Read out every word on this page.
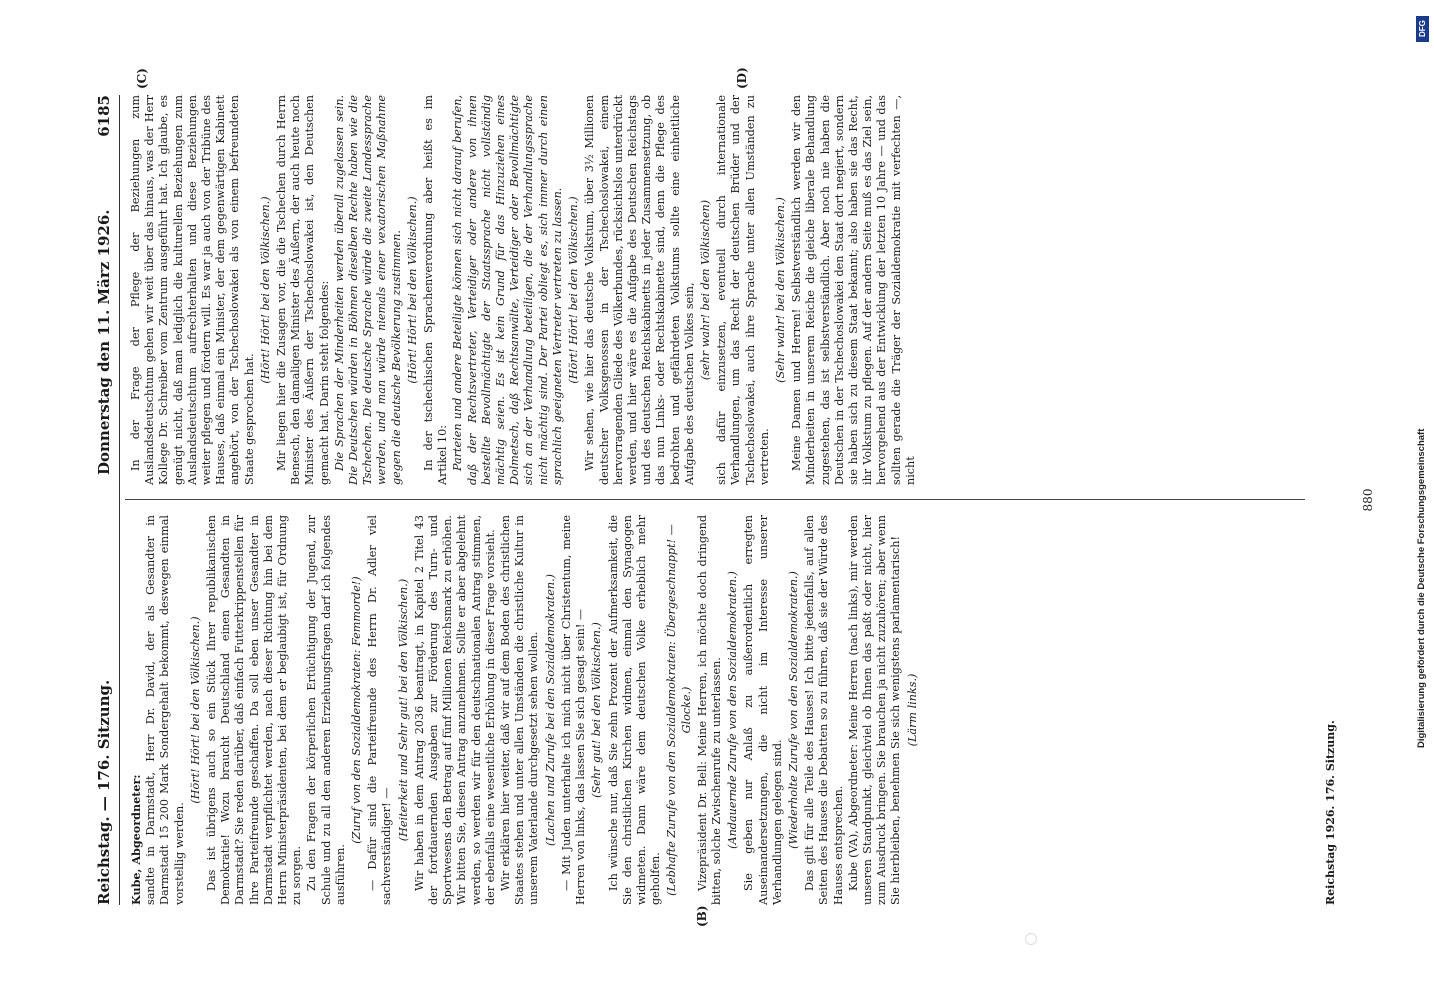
Reichstag. — 176. Sitzung.
Donnerstag den 11. März 1926.
6185

Kube, Abgeordneter: sandte in Darmstadt, Herr Dr. David, der als Gesandter in Darmstadt 15 200 Mark Sondergehalt bekommt, deswegen einmal vorstellig werden.

(Hört! Hört! bei den Völkischen.) Das ist übrigens auch so ein Stück Ihrer republikanischen Demokratie! Wozu braucht Deutschland einen Gesandten in Darmstadt? Sie reden darüber, daß einfach Futterkrippenstellen für Ihre Parteifreunde geschaffen. Da soll eben unser Gesandter in Darmstadt verpflichtet werden, nach dieser Richtung hin bei dem Herrn Ministerpräsidenten, bei dem er beglaubigt ist, für Ordnung zu sorgen. Zu den Fragen der körperlichen Ertüchtigung der Jugend, zur Schule und zu all den anderen Erziehungsfragen darf ich folgendes ausführen.

(Zuruf von den Sozialdemokraten: Femmorde!) — Dafür sind die Parteifreunde des Herrn Dr. Adler viel sachverständiger! —

(Heiterkeit und Sehr gut! bei den Völkischen.) Wir haben in dem Antrag 2036 beantragt, in Kapitel 2 Titel 43 der fortdauernden Ausgaben zur Förderung des Turn- und Sportwesens den Betrag auf fünf Millionen Reichsmark zu erhöhen. Wir bitten Sie, diesen Antrag anzunehmen. Sollte er aber abgelehnt werden, so werden wir für den deutschnationalen Antrag stimmen, der ebenfalls eine wesentliche Erhöhung in dieser Frage vorsieht. Wir erklären hier weiter, daß wir auf dem Boden des christlichen Staates stehen und unter allen Umständen die christliche Kultur in unserem Vaterlande durchgesetzt sehen wollen. (Lachen und Zurufe bei den Sozialdemokraten.) — Mit Juden unterhalte ich mich nicht über Christentum, meine Herren von links, das lassen Sie sich gesagt sein! — (Sehr gut! bei den Völkischen.) Ich wünsche nur, daß Sie zehn Prozent der Aufmerksamkeit, die Sie den christlichen Kirchen widmen, einmal den Synagogen widmeten. Dann wäre dem deutschen Volke erheblich mehr geholfen. (Lebhafte Zurufe von den Sozialdemokraten: Übergeschnappt! — Glocke.) Vizepräsident Dr. Bell: Meine Herren, ich möchte doch dringend bitten, solche Zwischenrufe zu unterlassen. (Andauernde Zurufe von den Sozialdemokraten.) Sie geben nur Anlaß zu außerordentlich erregten Auseinandersetzungen, die nicht im Interesse unserer Verhandlungen gelegen sind. (Wiederholte Zurufe von den Sozialdemokraten.) Das gilt für alle Teile des Hauses! Ich bitte jedenfalls, auf allen Seiten des Hauses die Debatten so zu führen, daß sie der Würde des Hauses entsprechen. Kube (VA), Abgeordneter: Meine Herren (nach links), mir werden unseren Standpunkt, gleichviel ob Ihnen das paßt oder nicht, hier zum Ausdruck bringen. Sie brauchen ja nicht zuzuhören; aber wenn Sie hierbleiben, benehmen Sie sich wenigstens parlamentarisch! (Lärm links.)

In der Frage der Pflege der Beziehungen zum Auslandsdeutschtum gehen wir weit über das hinaus, was der Herr Kollege Dr. Schreiber vom Zentrum ausgeführt hat. Ich glaube, es genügt nicht, daß man lediglich die kulturellen Beziehungen zum Auslandsdeutschtum aufrechterhalten und diese Beziehungen weiter pflegen und fördern will. Es war ja auch von der Tribüne des Hauses, daß einmal ein Minister, der dem gegenwärtigen Kabinett angehört, von der Tschechoslowakei als von einem befreundeten Staate gesprochen hat.

(Hört! Hört! bei den Völkischen.) Mir liegen hier die Zusagen vor, die die Tschechen durch Herrn Benesch, den damaligen Minister des Äußern, der auch heute noch Minister des Äußern der Tschechoslowakei ist, den Deutschen gemacht hat. Darin steht folgendes: Die Sprachen der Minderheiten werden überall zugelassen sein. Die Deutschen würden in Böhmen dieselben Rechte haben wie die Tschechen. Die deutsche Sprache würde die zweite Landessprache werden, und man würde niemals einer vexatorischen Maßnahme gegen die deutsche Bevölkerung zustimmen. (Hört! Hört! bei den Völkischen.) In der tschechischen Sprachenverordnung aber heißt es im Artikel 10: Parteien und andere Beteiligte können sich nicht darauf berufen, daß der Rechtsvertreter, Verteidiger oder andere von ihnen bestellte Bevollmächtigte der Staatssprache nicht vollständig mächtig seien. Es ist kein Grund für das Hinzuziehen eines Dolmetsch, daß Rechtsanwälte, Verteidiger oder Bevollmächtigte sich an der Verhandlung beteiligen, die der Verhandlungssprache nicht mächtig sind. Der Partei obliegt es, sich immer durch einen sprachlich geeigneten Vertreter vertreten zu lassen. (Hört! Hört! bei den Völkischen.) Wir sehen, wie hier das deutsche Volkstum, über 3½ Millionen deutscher Volksgenossen in der Tschechoslowakei, einem hervorragenden Gliede des Völkerbundes, rücksichtslos unterdrückt werden, und hier wäre es die Aufgabe des Deutschen Reichstags und des deutschen Reichskabinetts in jeder Zusammensetzung, ob das nun Links- oder Rechtskabinette sind, denn die Pflege des bedrohten und gefährdeten Volkstums sollte eine einheitliche Aufgabe des deutschen Volkes sein, (sehr wahr! bei den Völkischen) sich dafür einzusetzen, eventuell durch internationale Verhandlungen, um das Recht der deutschen Brüder und der Tschechoslowakei, auch ihre Sprache unter allen Umständen zu vertreten.

(Sehr wahr! bei den Völkischen.) Meine Damen und Herren! Selbstverständlich werden wir den Minderheiten in unserem Reiche die gleiche liberale Behandlung zugestehen, das ist selbstverständlich. Aber noch nie haben die Deutschen in der Tschechoslowakei den Staat dort negiert, sondern sie haben sich zu diesem Staat bekannt; also haben sie das Recht, ihr Volkstum zu pflegen. Auf der andern Seite muß es das Ziel sein, hervorgehend aus der Entwicklung der letzten 10 Jahre — und das sollten gerade die Träger der Sozialdemokratie mit verfechten —, nicht

(B)
(C)	(D)
Reichstag 1926. 176. Sitzung.
880
DFG
Digitalisierung gefördert durch die Deutsche Forschungsgemeinschaft
